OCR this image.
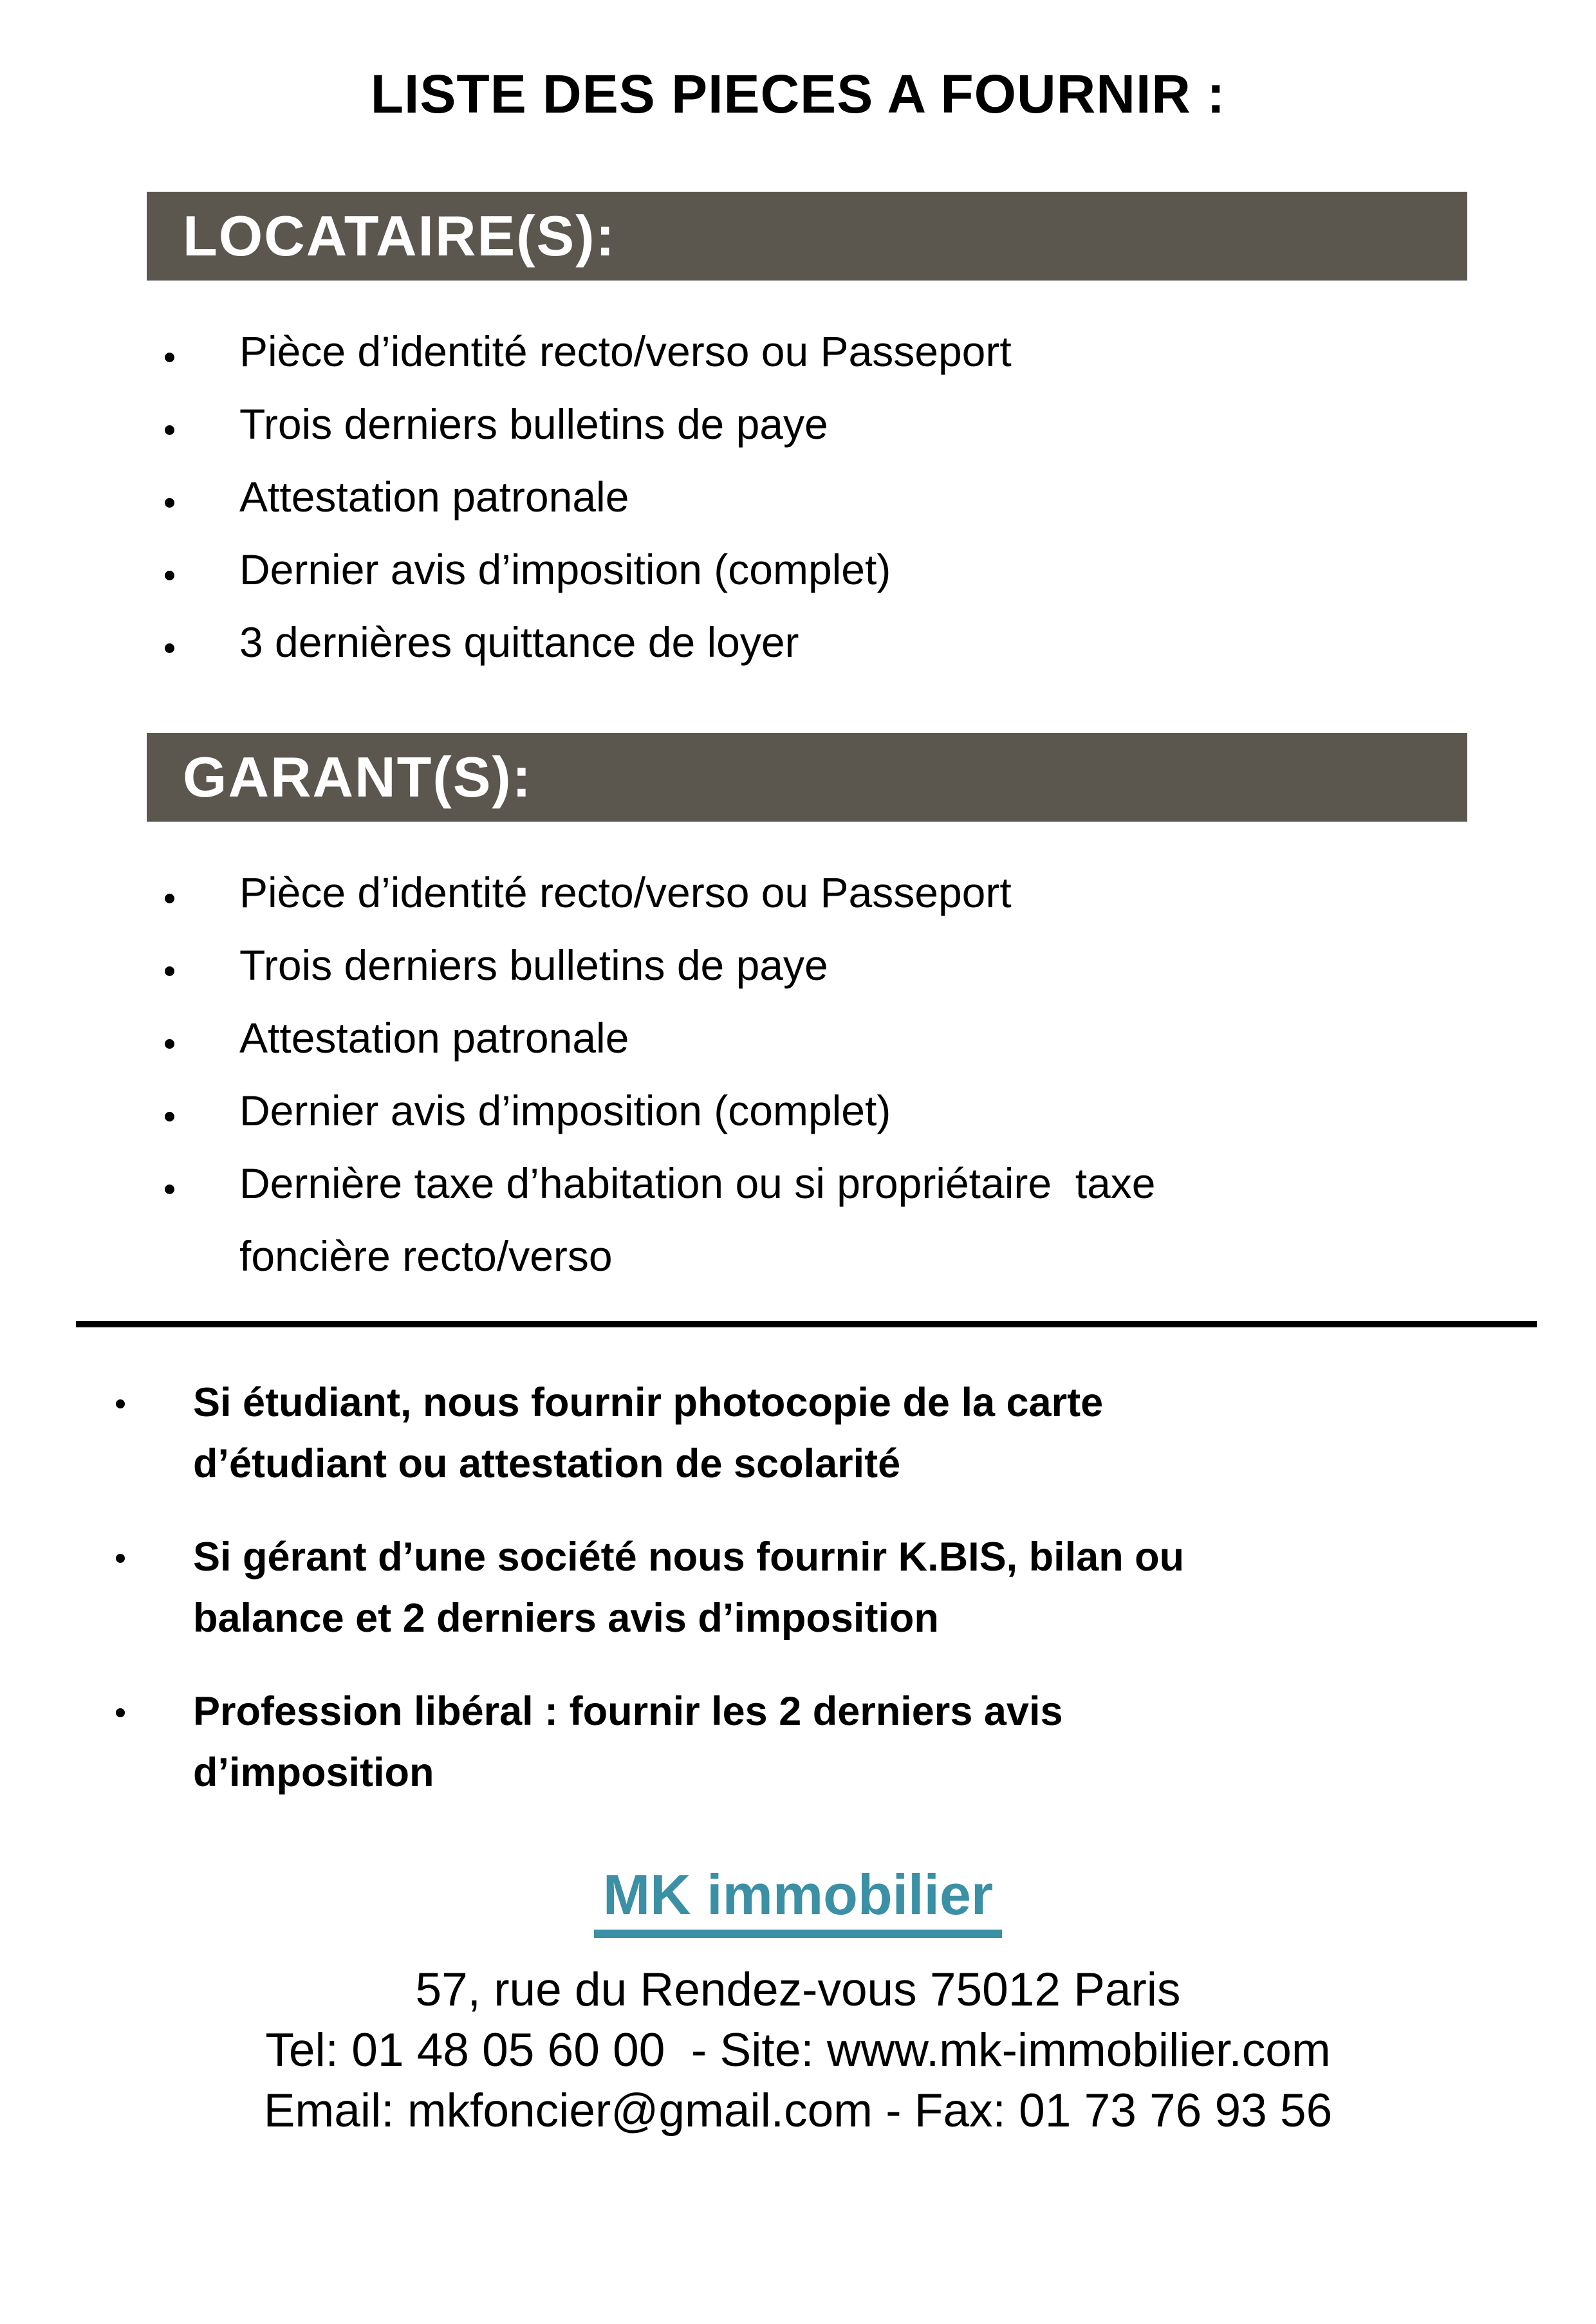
LISTE DES PIECES A FOURNIR :
LOCATAIRE(S):
Pièce d’identité recto/verso ou Passeport
Trois derniers bulletins de paye
Attestation patronale
Dernier avis d’imposition (complet)
3 dernières quittance de loyer
GARANT(S):
Pièce d’identité recto/verso ou Passeport
Trois derniers bulletins de paye
Attestation patronale
Dernier avis d’imposition (complet)
Dernière taxe d’habitation ou si propriétaire  taxe
foncière recto/verso
Si étudiant, nous fournir photocopie de la carte
d’étudiant ou attestation de scolarité
Si gérant d’une société nous fournir K.BIS, bilan ou
balance et 2 derniers avis d’imposition
Profession libéral : fournir les 2 derniers avis
d’imposition
MK immobilier
57, rue du Rendez-vous 75012 Paris
Tel: 01 48 05 60 00  - Site: www.mk-immobilier.com
Email: mkfoncier@gmail.com - Fax: 01 73 76 93 56
